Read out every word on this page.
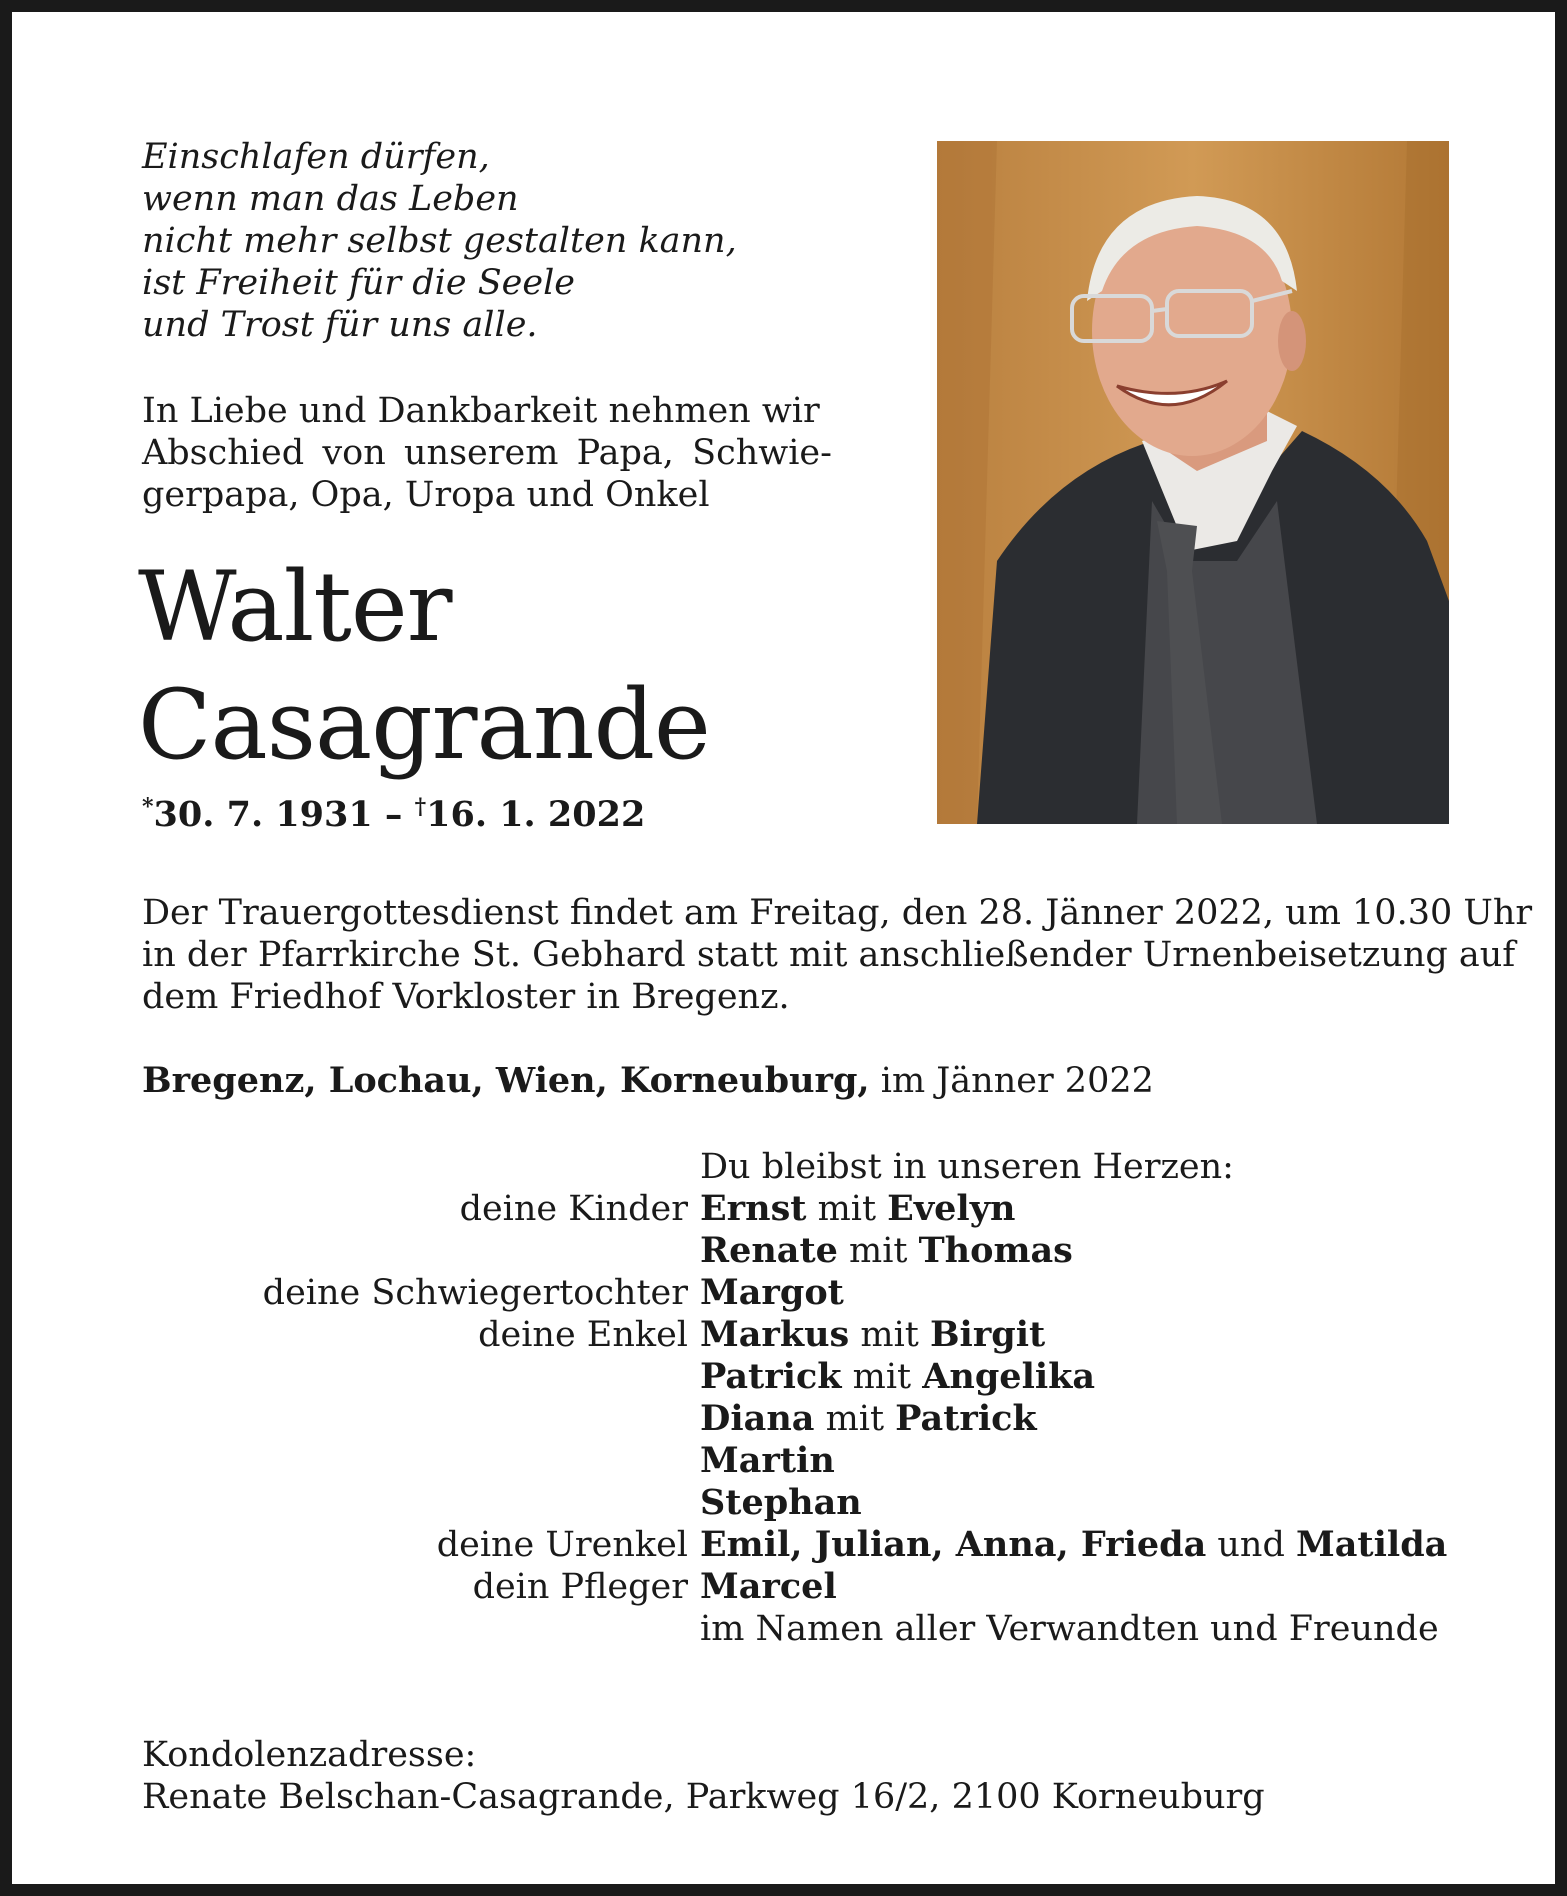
Einschlafen dürfen,
wenn man das Leben
nicht mehr selbst gestalten kann,
ist Freiheit für die Seele
und Trost für uns alle.
In Liebe und Dankbarkeit nehmen wir
Abschied von unserem Papa, Schwie-
gerpapa, Opa, Uropa und Onkel
Walter
Casagrande
*30. 7. 1931 – †16. 1. 2022
Der Trauergottesdienst findet am Freitag, den 28. Jänner 2022, um 10.30 Uhr
in der Pfarrkirche St. Gebhard statt mit anschließender Urnenbeisetzung auf
dem Friedhof Vorkloster in Bregenz.
Bregenz, Lochau, Wien, Korneuburg, im Jänner 2022
Du bleibst in unseren Herzen:
deine Kinder Ernst mit Evelyn
Renate mit Thomas
deine Schwiegertochter Margot
deine Enkel Markus mit Birgit
Patrick mit Angelika
Diana mit Patrick
Martin
Stephan
deine Urenkel Emil, Julian, Anna, Frieda und Matilda
dein Pfleger Marcel
im Namen aller Verwandten und Freunde
Kondolenzadresse:
Renate Belschan-Casagrande, Parkweg 16/2, 2100 Korneuburg
